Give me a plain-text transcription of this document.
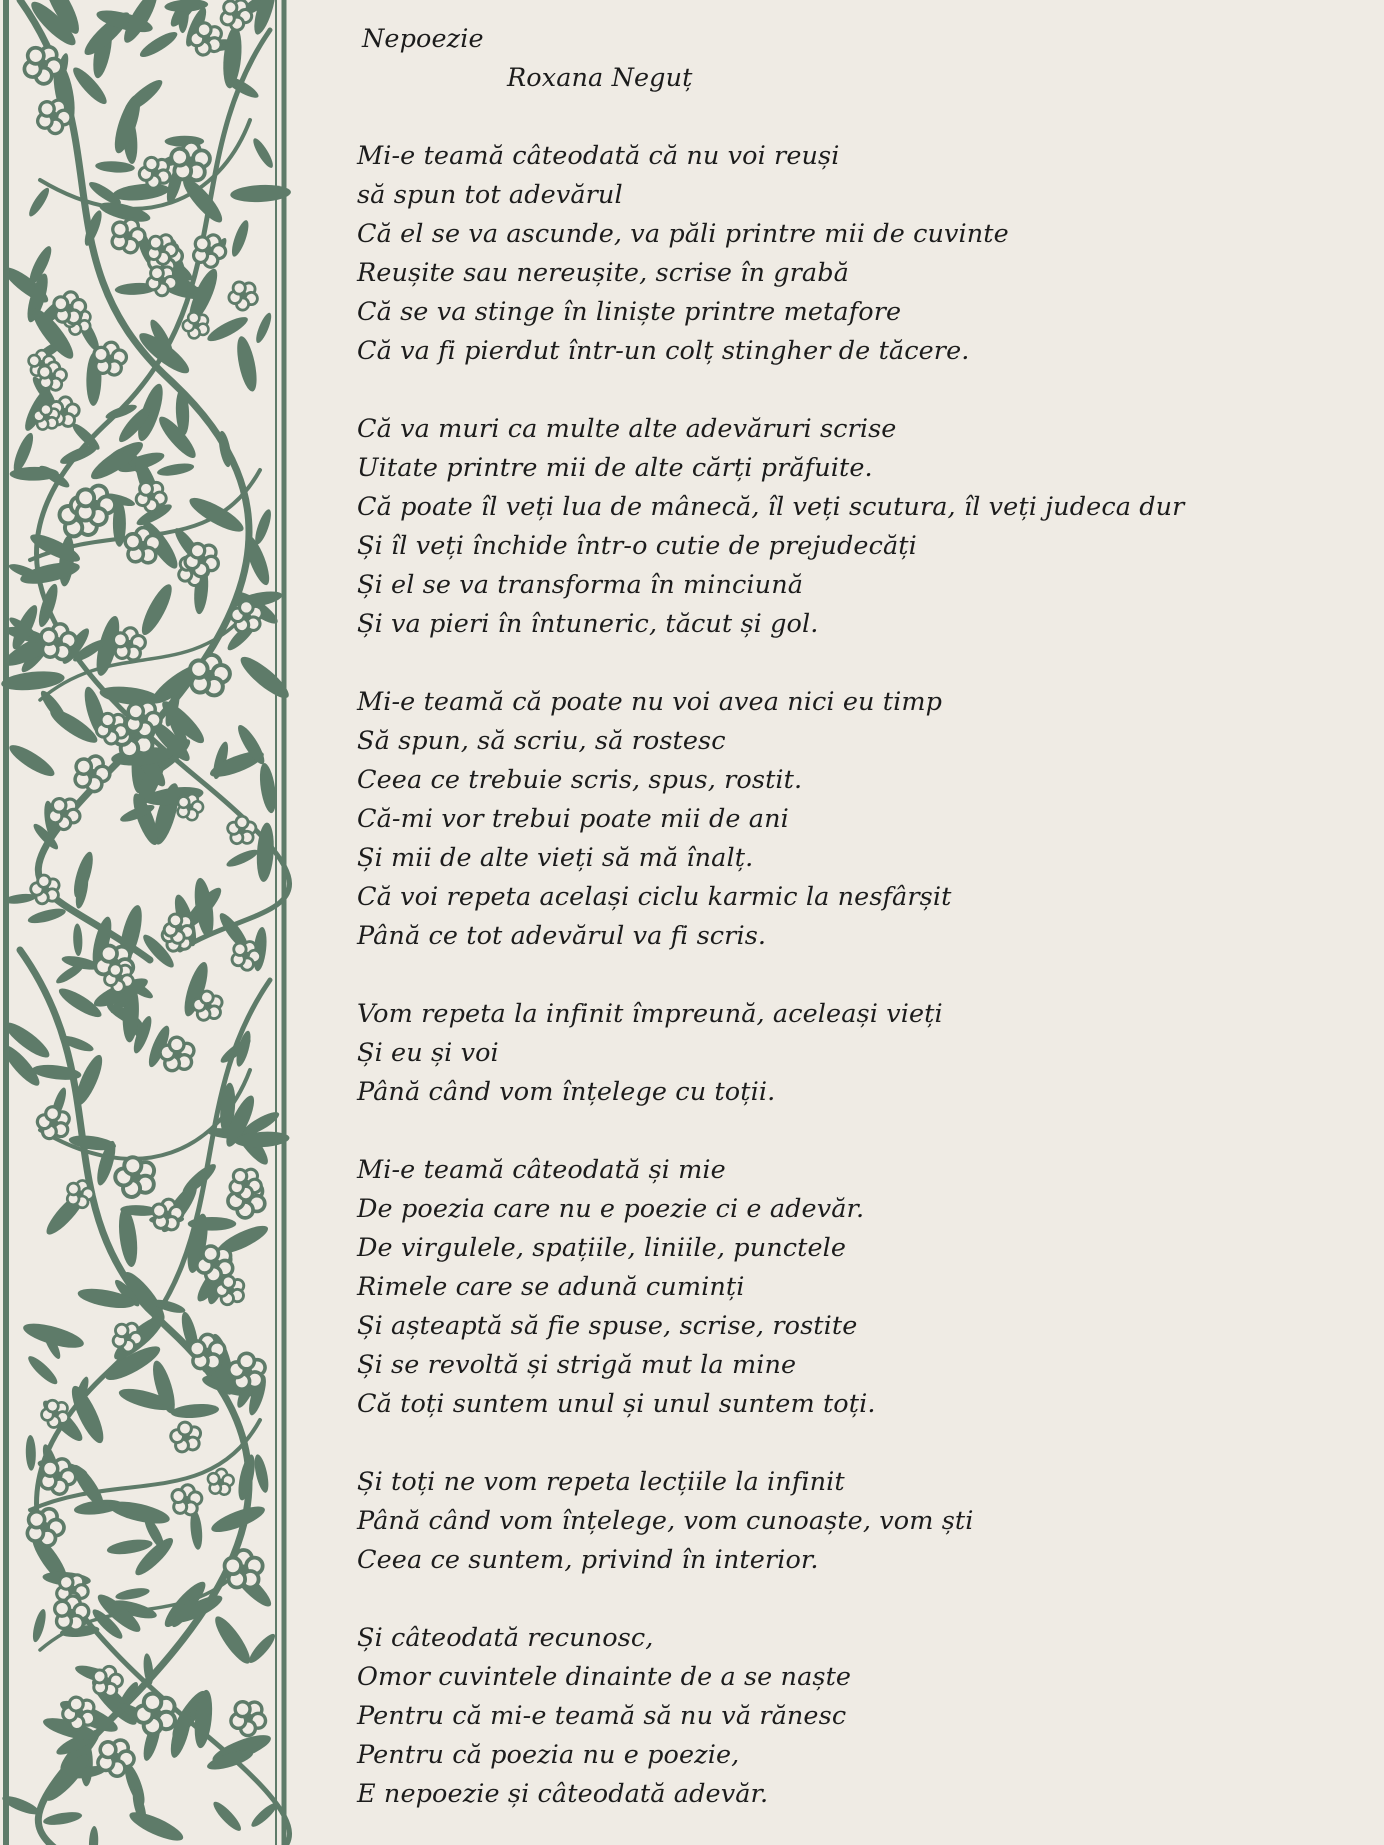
Nepoezie
Roxana Neguț
Mi-e teamă câteodată că nu voi reuși
să spun tot adevărul
Că el se va ascunde, va păli printre mii de cuvinte
Reușite sau nereușite, scrise în grabă
Că se va stinge în liniște printre metafore
Că va fi pierdut într-un colț stingher de tăcere.
Că va muri ca multe alte adevăruri scrise
Uitate printre mii de alte cărți prăfuite.
Că poate îl veți lua de mânecă, îl veți scutura, îl veți judeca dur
Și îl veți închide într-o cutie de prejudecăți
Și el se va transforma în minciună
Și va pieri în întuneric, tăcut și gol.
Mi-e teamă că poate nu voi avea nici eu timp
Să spun, să scriu, să rostesc
Ceea ce trebuie scris, spus, rostit.
Că-mi vor trebui poate mii de ani
Și mii de alte vieți să mă înalț.
Că voi repeta același ciclu karmic la nesfârșit
Până ce tot adevărul va fi scris.
Vom repeta la infinit împreună, aceleași vieți
Și eu și voi
Până când vom înțelege cu toții.
Mi-e teamă câteodată și mie
De poezia care nu e poezie ci e adevăr.
De virgulele, spațiile, liniile, punctele
Rimele care se adună cuminți
Și așteaptă să fie spuse, scrise, rostite
Și se revoltă și strigă mut la mine
Că toți suntem unul și unul suntem toți.
Și toți ne vom repeta lecțiile la infinit
Până când vom înțelege, vom cunoaște, vom ști
Ceea ce suntem, privind în interior.
Și câteodată recunosc,
Omor cuvintele dinainte de a se naște
Pentru că mi-e teamă să nu vă rănesc
Pentru că poezia nu e poezie,
E nepoezie și câteodată adevăr.
